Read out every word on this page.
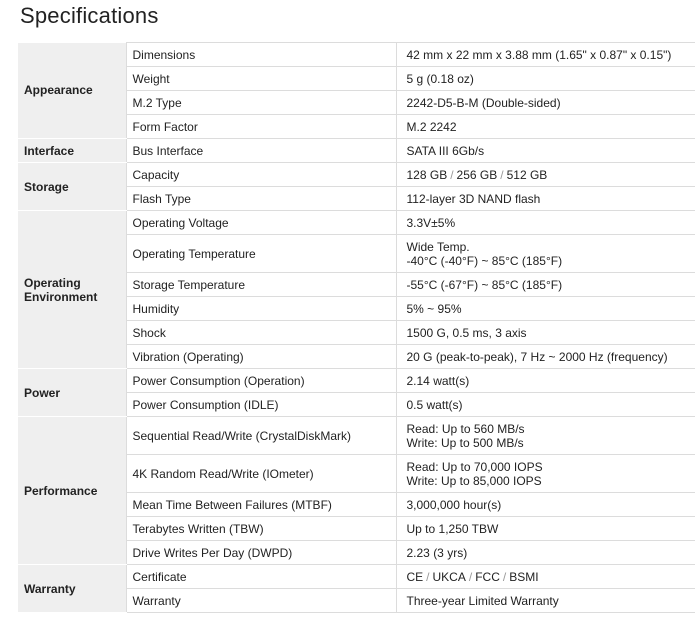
Specifications
Appearance	Dimensions	42 mm x 22 mm x 3.88 mm (1.65" x 0.87" x 0.15")
	Weight	5 g (0.18 oz)
	M.2 Type	2242-D5-B-M (Double-sided)
	Form Factor	M.2 2242
Interface	Bus Interface	SATA III 6Gb/s
Storage	Capacity	128 GB / 256 GB / 512 GB
	Flash Type	112-layer 3D NAND flash

Operating
Environment	Operating Voltage	3.3V±5%
	Operating Temperature	Wide Temp.
-40°C (-40°F) ~ 85°C (185°F)

	Storage Temperature	-55°C (-67°F) ~ 85°C (185°F)
	Humidity	5% ~ 95%
	Shock	1500 G, 0.5 ms, 3 axis
	Vibration (Operating)	20 G (peak-to-peak), 7 Hz ~ 2000 Hz (frequency)
Power	Power Consumption (Operation)	2.14 watt(s)
	Power Consumption (IDLE)	0.5 watt(s)
Performance	Sequential Read/Write (CrystalDiskMark)	Read: Up to 560 MB/s
Write: Up to 500 MB/s

	4K Random Read/Write (IOmeter)	Read: Up to 70,000 IOPS
Write: Up to 85,000 IOPS

	Mean Time Between Failures (MTBF)	3,000,000 hour(s)
	Terabytes Written (TBW)	Up to 1,250 TBW
	Drive Writes Per Day (DWPD)	2.23 (3 yrs)
Warranty	Certificate	CE / UKCA / FCC / BSMI
	Warranty	Three-year Limited Warranty
